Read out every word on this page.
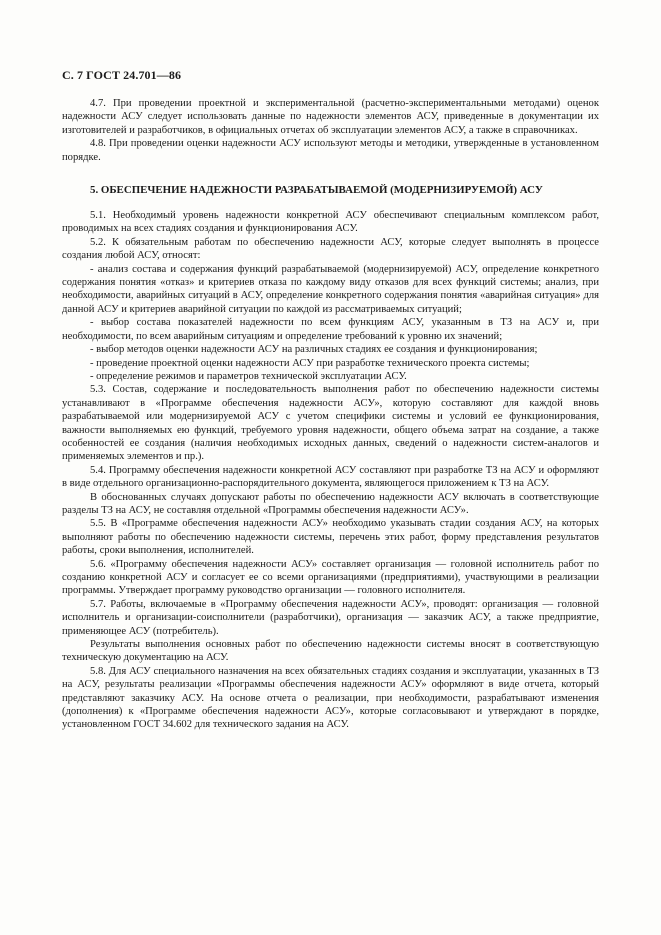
С. 7 ГОСТ 24.701—86

4.7. При проведении проектной и экспериментальной (расчетно-экспериментальными методами) оценок надежности АСУ следует использовать данные по надежности элементов АСУ, приведенные в документации их изготовителей и разработчиков, в официальных отчетах об эксплуатации элементов АСУ, а также в справочниках.

4.8. При проведении оценки надежности АСУ используют методы и методики, утвержденные в установленном порядке.

5. ОБЕСПЕЧЕНИЕ НАДЕЖНОСТИ РАЗРАБАТЫВАЕМОЙ (МОДЕРНИЗИРУЕМОЙ) АСУ

5.1. Необходимый уровень надежности конкретной АСУ обеспечивают специальным комплексом работ, проводимых на всех стадиях создания и функционирования АСУ.

5.2. К обязательным работам по обеспечению надежности АСУ, которые следует выполнять в процессе создания любой АСУ, относят:

- анализ состава и содержания функций разрабатываемой (модернизируемой) АСУ, определение конкретного содержания понятия «отказ» и критериев отказа по каждому виду отказов для всех функций системы; анализ, при необходимости, аварийных ситуаций в АСУ, определение конкретного содержания понятия «аварийная ситуация» для данной АСУ и критериев аварийной ситуации по каждой из рассматриваемых ситуаций;

- выбор состава показателей надежности по всем функциям АСУ, указанным в ТЗ на АСУ и, при необходимости, по всем аварийным ситуациям и определение требований к уровню их значений;

- выбор методов оценки надежности АСУ на различных стадиях ее создания и функционирования;

- проведение проектной оценки надежности АСУ при разработке технического проекта системы;

- определение режимов и параметров технической эксплуатации АСУ.

5.3. Состав, содержание и последовательность выполнения работ по обеспечению надежности системы устанавливают в «Программе обеспечения надежности АСУ», которую составляют для каждой вновь разрабатываемой или модернизируемой АСУ с учетом специфики системы и условий ее функционирования, важности выполняемых ею функций, требуемого уровня надежности, общего объема затрат на создание, а также особенностей ее создания (наличия необходимых исходных данных, сведений о надежности систем-аналогов и применяемых элементов и пр.).

5.4. Программу обеспечения надежности конкретной АСУ составляют при разработке ТЗ на АСУ и оформляют в виде отдельного организационно-распорядительного документа, являющегося приложением к ТЗ на АСУ.

В обоснованных случаях допускают работы по обеспечению надежности АСУ включать в соответствующие разделы ТЗ на АСУ, не составляя отдельной «Программы обеспечения надежности АСУ».

5.5. В «Программе обеспечения надежности АСУ» необходимо указывать стадии создания АСУ, на которых выполняют работы по обеспечению надежности системы, перечень этих работ, форму представления результатов работы, сроки выполнения, исполнителей.

5.6. «Программу обеспечения надежности АСУ» составляет организация — головной исполнитель работ по созданию конкретной АСУ и согласует ее со всеми организациями (предприятиями), участвующими в реализации программы. Утверждает программу руководство организации — головного исполнителя.

5.7. Работы, включаемые в «Программу обеспечения надежности АСУ», проводят: организация — головной исполнитель и организации-соисполнители (разработчики), организация — заказчик АСУ, а также предприятие, применяющее АСУ (потребитель).

Результаты выполнения основных работ по обеспечению надежности системы вносят в соответствующую техническую документацию на АСУ.

5.8. Для АСУ специального назначения на всех обязательных стадиях создания и эксплуатации, указанных в ТЗ на АСУ, результаты реализации «Программы обеспечения надежности АСУ» оформляют в виде отчета, который представляют заказчику АСУ. На основе отчета о реализации, при необходимости, разрабатывают изменения (дополнения) к «Программе обеспечения надежности АСУ», которые согласовывают и утверждают в порядке, установленном ГОСТ 34.602 для технического задания на АСУ.
